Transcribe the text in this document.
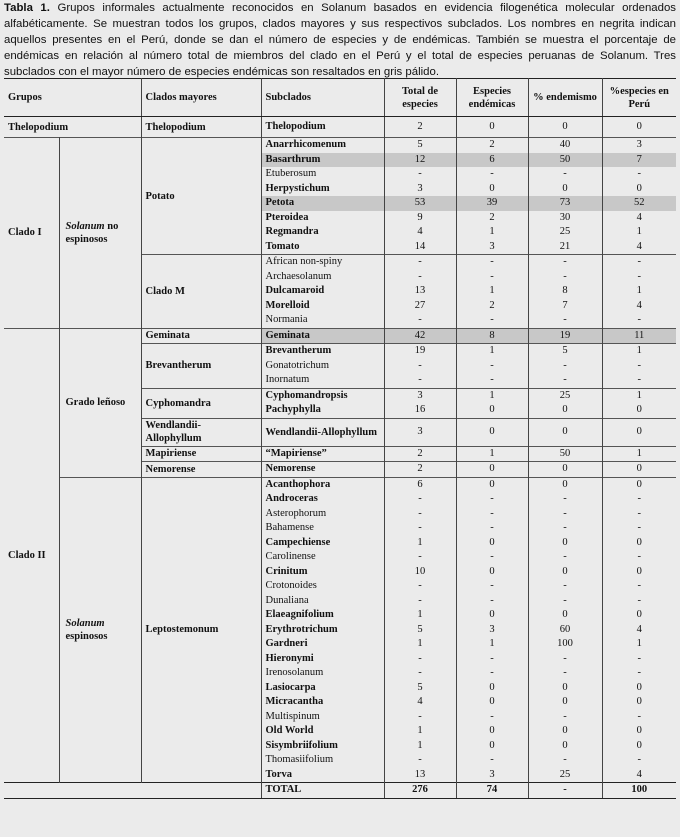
Tabla 1. Grupos informales actualmente reconocidos en Solanum basados en evidencia filogenética molecular ordenados alfabéticamente. Se muestran todos los grupos, clados mayores y sus respectivos subclados. Los nombres en negrita indican aquellos presentes en el Perú, donde se dan el número de especies y de endémicas. También se muestra el porcentaje de endémicas en relación al número total de miembros del clado en el Perú y el total de especies peruanas de Solanum. Tres subclados con el mayor número de especies endémicas son resaltados en gris pálido.
Grupos		Clados mayores	Subclados	Total de especies	Especies endémicas	% endemismo	%especies en Perú
Thelopodium		Thelopodium	Thelopodium	2	0	0	0
Clado I	Solanum no espinosos	Potato	Anarrhicomenum	5	2	40	3
			Basarthrum	12	6	50	7
			Etuberosum	-	-	-	-
			Herpystichum	3	0	0	0
			Petota	53	39	73	52
			Pteroidea	9	2	30	4
			Regmandra	4	1	25	1
			Tomato	14	3	21	4
		Clado M	African non-spiny	-	-	-	-
			Archaesolanum	-	-	-	-
			Dulcamaroid	13	1	8	1
			Morelloid	27	2	7	4
			Normania	-	-	-	-
Clado II	Grado leñoso	Geminata	Geminata	42	8	19	11
		Brevantherum	Brevantherum	19	1	5	1
			Gonatotrichum	-	-	-	-
			Inornatum	-	-	-	-
		Cyphomandra	Cyphomandropsis	3	1	25	1
			Pachyphylla	16	0	0	0
		Wendlandii-Allophyllum	Wendlandii-Allophyllum	3	0	0	0
		Mapiriense	“Mapiriense”	2	1	50	1
		Nemorense	Nemorense	2	0	0	0
	Solanum espinosos	Leptostemonum	Acanthophora	6	0	0	0
			Androceras	-	-	-	-
			Asterophorum	-	-	-	-
			Bahamense	-	-	-	-
			Campechiense	1	0	0	0
			Carolinense	-	-	-	-
			Crinitum	10	0	0	0
			Crotonoides	-	-	-	-
			Dunaliana	-	-	-	-
			Elaeagnifolium	1	0	0	0
			Erythrotrichum	5	3	60	4
			Gardneri	1	1	100	1
			Hieronymi	-	-	-	-
			Irenosolanum	-	-	-	-
			Lasiocarpa	5	0	0	0
			Micracantha	4	0	0	0
			Multispinum	-	-	-	-
			Old World	1	0	0	0
			Sisymbriifolium	1	0	0	0
			Thomasiifolium	-	-	-	-
			Torva	13	3	25	4
			TOTAL	276	74	-	100
